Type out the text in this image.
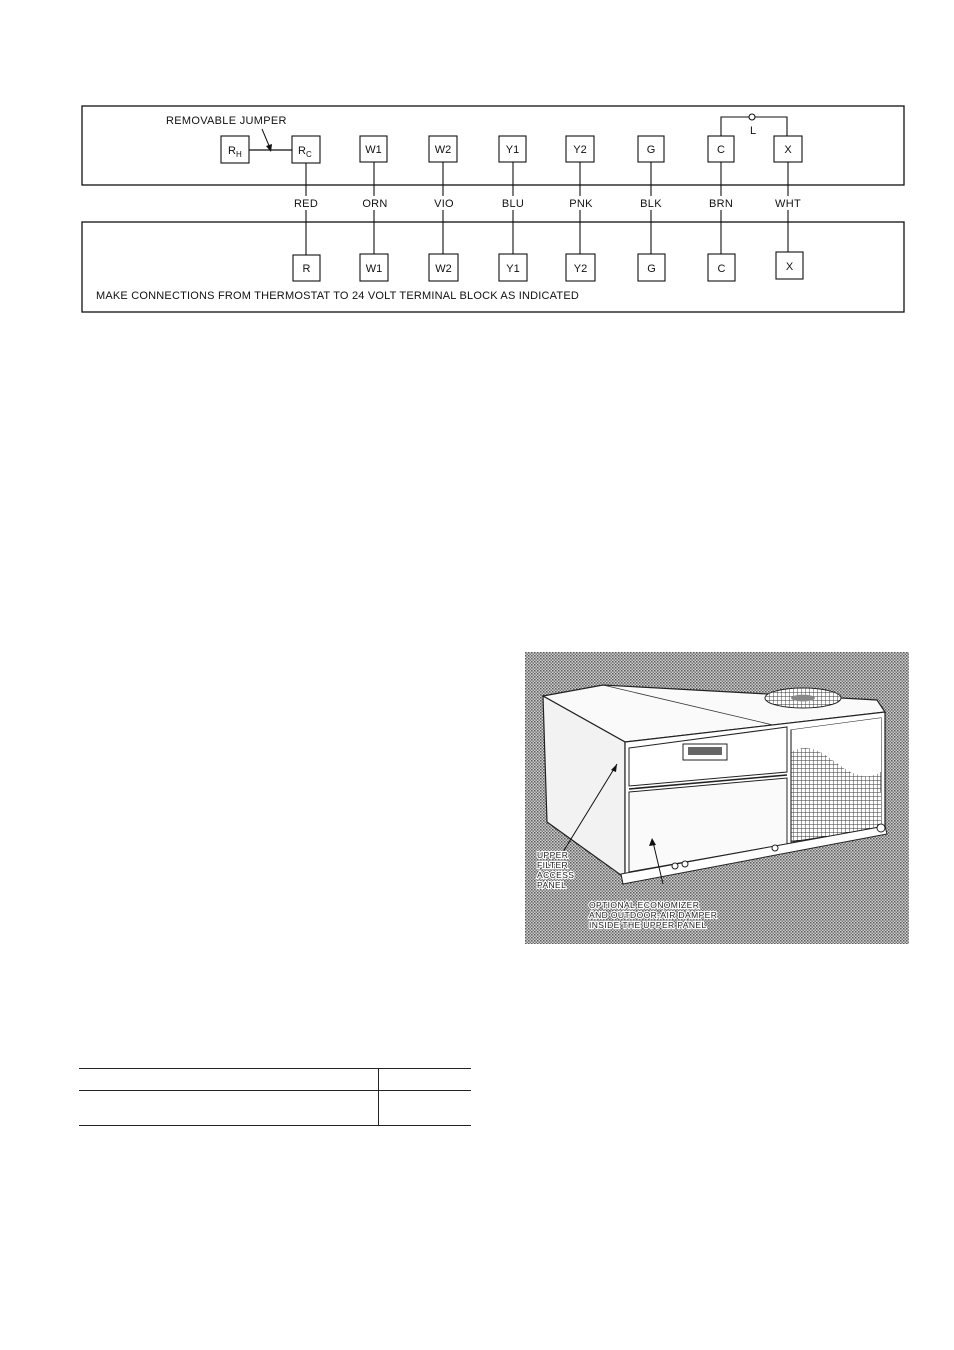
REMOVABLE JUMPER
L
$R_H$	$R_C$	W1	W2	Y1	Y2	G	C	X
RED	ORN	VIO	BLU	PNK	BLK	BRN	WHT
R	W1	W2	Y1	Y2	G	C	X
MAKE CONNECTIONS FROM THERMOSTAT TO 24 VOLT TERMINAL BLOCK AS INDICATED
UPPER FILTER ACCESS PANEL
OPTIONAL ECONOMIZER AND OUTDOOR-AIR DAMPER INSIDE THE UPPER PANEL
